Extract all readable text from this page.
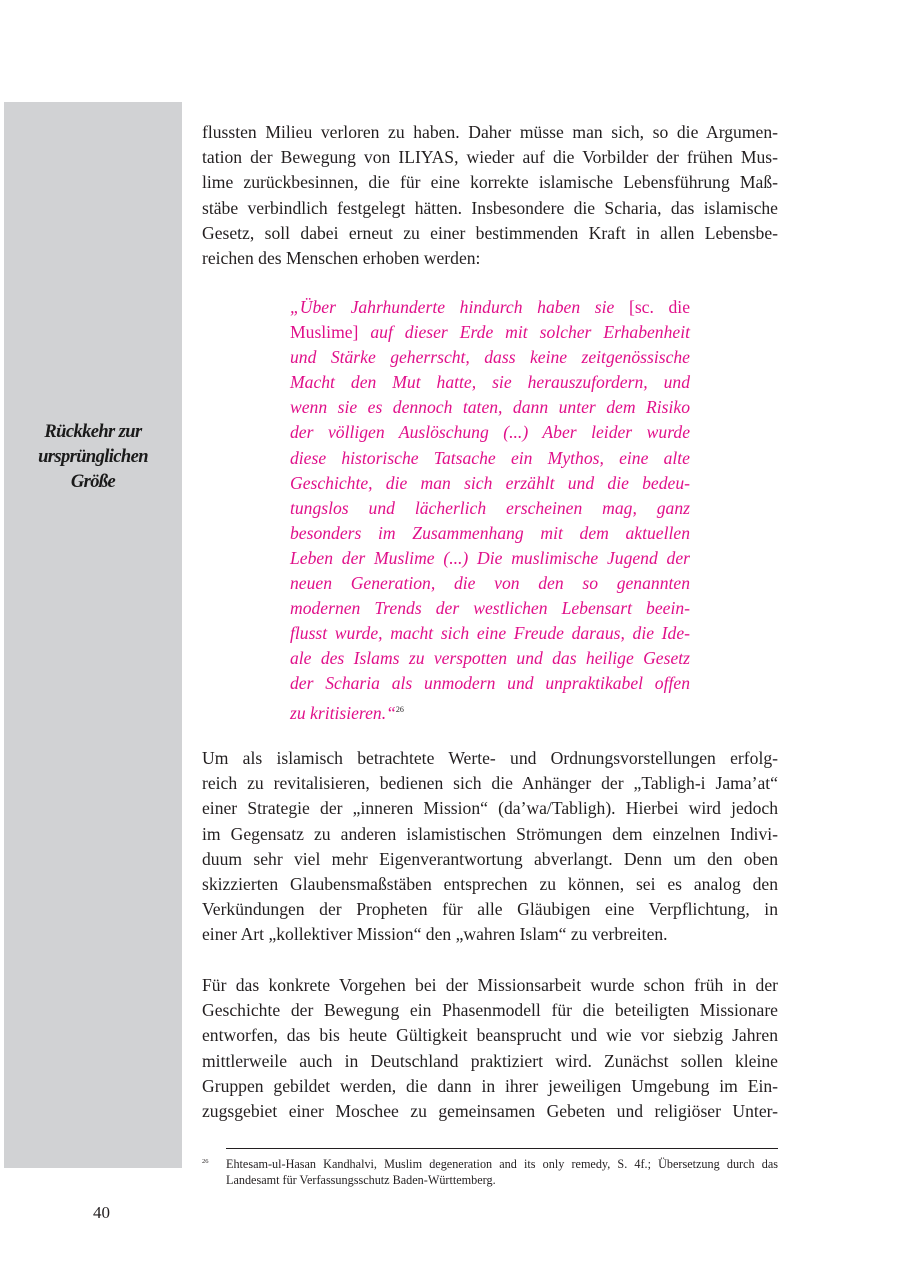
Rückkehr zur
ursprünglichen
Größe
flussten Milieu verloren zu haben. Daher müsse man sich, so die Argumen-
tation der Bewegung von ILIYAS, wieder auf die Vorbilder der frühen Mus-
lime zurückbesinnen, die für eine korrekte islamische Lebensführung Maß-
stäbe verbindlich festgelegt hätten. Insbesondere die Scharia, das islamische
Gesetz, soll dabei erneut zu einer bestimmenden Kraft in allen Lebensbe-
reichen des Menschen erhoben werden:
„Über Jahrhunderte hindurch haben sie [sc. die
Muslime] auf dieser Erde mit solcher Erhabenheit
und Stärke geherrscht, dass keine zeitgenössische
Macht den Mut hatte, sie herauszufordern, und
wenn sie es dennoch taten, dann unter dem Risiko
der völligen Auslöschung (...) Aber leider wurde
diese historische Tatsache ein Mythos, eine alte
Geschichte, die man sich erzählt und die bedeu-
tungslos und lächerlich erscheinen mag, ganz
besonders im Zusammenhang mit dem aktuellen
Leben der Muslime (...) Die muslimische Jugend der
neuen Generation, die von den so genannten
modernen Trends der westlichen Lebensart beein-
flusst wurde, macht sich eine Freude daraus, die Ide-
ale des Islams zu verspotten und das heilige Gesetz
der Scharia als unmodern und unpraktikabel offen
zu kritisieren.“$^{26}$
Um als islamisch betrachtete Werte- und Ordnungsvorstellungen erfolg-
reich zu revitalisieren, bedienen sich die Anhänger der „Tabligh-i Jama’at“
einer Strategie der „inneren Mission“ (da’wa/Tabligh). Hierbei wird jedoch
im Gegensatz zu anderen islamistischen Strömungen dem einzelnen Indivi-
duum sehr viel mehr Eigenverantwortung abverlangt. Denn um den oben
skizzierten Glaubensmaßstäben entsprechen zu können, sei es analog den
Verkündungen der Propheten für alle Gläubigen eine Verpflichtung, in
einer Art „kollektiver Mission“ den „wahren Islam“ zu verbreiten.
Für das konkrete Vorgehen bei der Missionsarbeit wurde schon früh in der
Geschichte der Bewegung ein Phasenmodell für die beteiligten Missionare
entworfen, das bis heute Gültigkeit beansprucht und wie vor siebzig Jahren
mittlerweile auch in Deutschland praktiziert wird. Zunächst sollen kleine
Gruppen gebildet werden, die dann in ihrer jeweiligen Umgebung im Ein-
zugsgebiet einer Moschee zu gemeinsamen Gebeten und religiöser Unter-
26 Ehtesam-ul-Hasan Kandhalvi, Muslim degeneration and its only remedy, S. 4f.; Übersetzung durch das
Landesamt für Verfassungsschutz Baden-Württemberg.
40
